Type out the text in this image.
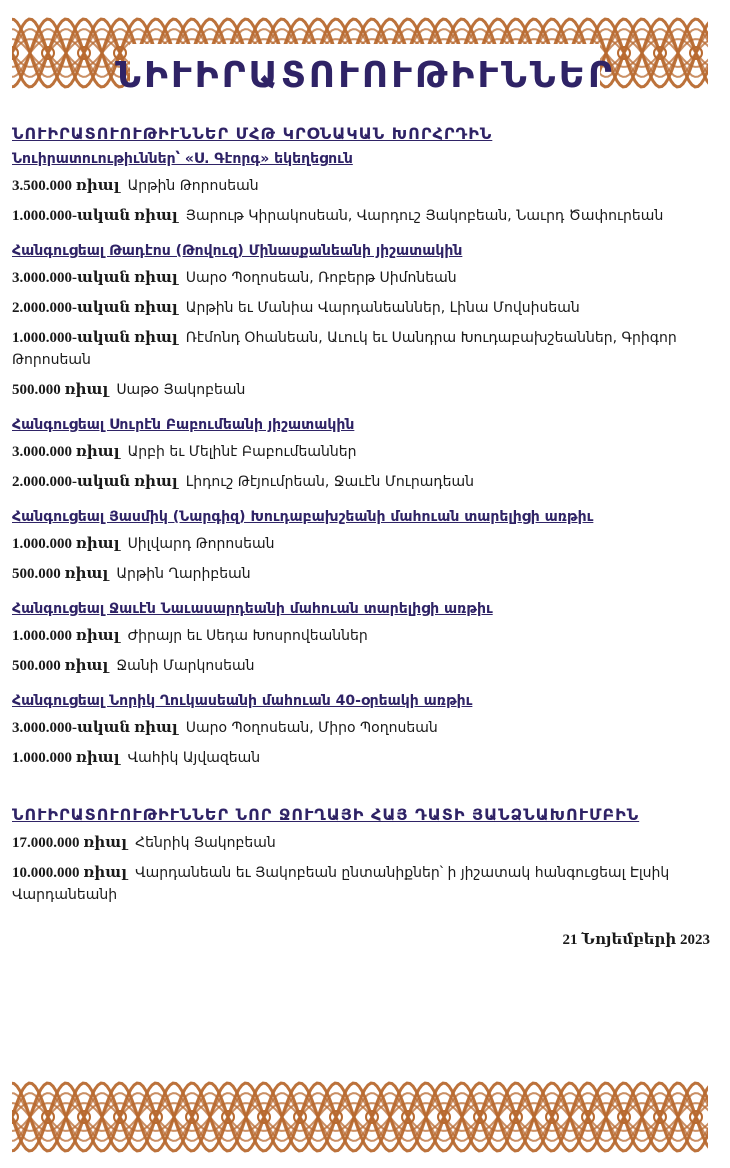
ՆԻՒԻՐԱՏՈՒՈՒԹԻՒՆՆԵՐ
ՆՈՒԻՐԱՏՈՒՈՒԹԻՒՆՆԵՐ ՄՀԹ ԿՐՕՆԱԿԱՆ ԽՈՐՀՐԴԻՆ
Նուիրատուութիւններ՝ «Ս. Գէորգ» եկեղեցուն
3.500.000 ռիալ Արթին Թորոսեան
1.000.000-ական ռիալ Յարութ Կիրակոսեան, Վարդուշ Յակոբեան, Նաւրդ Ծափուրեան
Հանգուցեալ Թադէոս (Թովուզ) Մինասքանեանի յիշատակին
3.000.000-ական ռիալ Սարօ Պօղոսեան, Ռոբերթ Սիմոնեան
2.000.000-ական ռիալ Արթին եւ Մանիա Վարդանեաններ, Լինա Մովսիսեան
1.000.000-ական ռիալ Ռէմոնդ Օհանեան, Աւուկ եւ Սանդրա Խուդաբախշեաններ, Գրիգոր Թորոսեան
500.000 ռիալ Սաթօ Յակոբեան
Հանգուցեալ Սուրէն Բաբումեանի յիշատակին
3.000.000 ռիալ Արբի եւ Մելինէ Բաբումեաններ
2.000.000-ական ռիալ Լիդուշ Թէյումրեան, Ջաւէն Մուրադեան
Հանգուցեալ Յասմիկ (Նարգիզ) Խուդաբախշեանի մահուան տարելիցի առթիւ
1.000.000 ռիալ Սիլվարդ Թորոսեան
500.000 ռիալ Արթին Ղարիբեան
Հանգուցեալ Ջաւէն Նաւասարդեանի մահուան տարելիցի առթիւ
1.000.000 ռիալ Ժիրայր եւ Սեդա Խոսրովեաններ
500.000 ռիալ Ջանի Մարկոսեան
Հանգուցեալ Նորիկ Ղուկասեանի մահուան 40-օրեակի առթիւ
3.000.000-ական ռիալ Սարօ Պօղոսեան, Միրօ Պօղոսեան
1.000.000 ռիալ Վահիկ Այվազեան
ՆՈՒԻՐԱՏՈՒՈՒԹԻՒՆՆԵՐ ՆՈՐ ՋՈՒՂԱՅԻ ՀԱՅ ԴԱՏԻ ՅԱՆՁՆԱԽՈՒՄԲԻՆ
17.000.000 ռիալ Հենրիկ Յակոբեան
10.000.000 ռիալ Վարդանեան եւ Յակոբեան ընտանիքներ՝ ի յիշատակ հանգուցեալ Էլսիկ Վարդանեանի
21 Նոյեմբերի 2023
